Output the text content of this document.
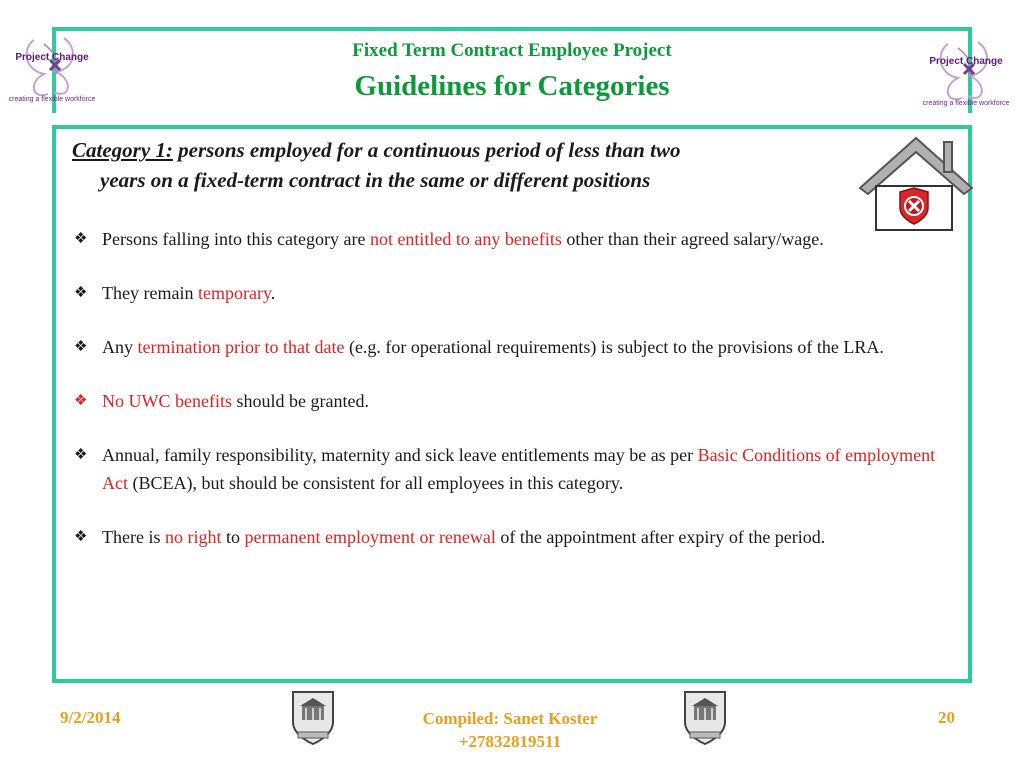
Fixed Term Contract Employee Project
Guidelines for Categories
Project Change
creating a flexible workforce
Project Change
creating a flexible workforce
Category 1: persons employed for a continuous period of less than two
years on a fixed-term contract in the same or different positions
❖ Persons falling into this category are not entitled to any benefits other than their agreed salary/wage.
❖ They remain temporary.
❖ Any termination prior to that date (e.g. for operational requirements) is subject to the provisions of the LRA.
❖ No UWC benefits should be granted.
❖ Annual, family responsibility, maternity and sick leave entitlements may be as per Basic Conditions of employment Act (BCEA), but should be consistent for all employees in this category.
❖ There is no right to permanent employment or renewal of the appointment after expiry of the period.
9/2/2014	Compiled: Sanet Koster
+27832819511
20
